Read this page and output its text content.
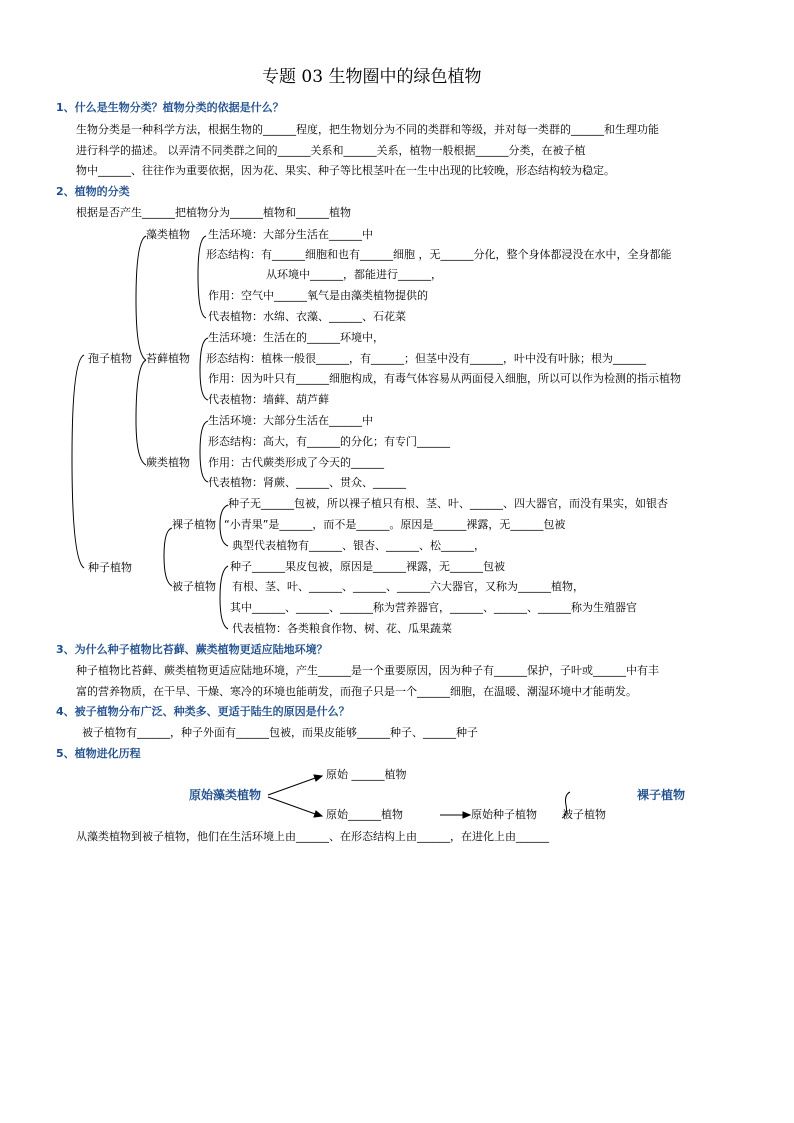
专题 03 生物圈中的绿色植物
1、什么是生物分类？植物分类的依据是什么？
生物分类是一种科学方法，根据生物的______程度，把生物划分为不同的类群和等级，并对每一类群的______和生理功能
进行科学的描述。 以弄清不同类群之间的______关系和______关系，植物一般根据______分类，在被子植
物中______、往往作为重要依据，因为花、果实、种子等比根茎叶在一生中出现的比较晚，形态结构较为稳定。
2、植物的分类
根据是否产生______把植物分为______植物和______植物
孢子植物
种子植物
藻类植物 生活环境：大部分生活在______中
形态结构：有______细胞和也有______细胞 ，无______分化，整个身体都浸没在水中，全身都能
从环境中______，都能进行______，
作用：空气中______氧气是由藻类植物提供的
代表植物：水绵、衣藻、______、石花菜
苔藓植物
生活环境：生活在的______环境中，
形态结构：植株一般很______，有______；但茎中没有______，叶中没有叶脉；根为______
作用：因为叶只有______细胞构成，有毒气体容易从两面侵入细胞，所以可以作为检测的指示植物
代表植物：墙藓、葫芦藓
蕨类植物
生活环境：大部分生活在______中
形态结构：高大，有______的分化；有专门______
作用：古代蕨类形成了今天的______
代表植物：肾蕨、______、贯众、______
裸子植物
种子无______包被，所以裸子植只有根、茎、叶、______、四大器官，而没有果实，如银杏
“小青果”是______，而不是______。原因是______裸露，无______包被
典型代表植物有______、银杏、______、松______，
被子植物
种子______果皮包被，原因是______裸露，无______包被
有根、茎、叶、______、______、______六大器官，又称为______植物，
其中______、______、______称为营养器官，______、______、______称为生殖器官
代表植物：各类粮食作物、树、花、瓜果蔬菜
3、为什么种子植物比苔藓、蕨类植物更适应陆地环境？
种子植物比苔藓、蕨类植物更适应陆地环境，产生______是一个重要原因，因为种子有______保护，子叶或______中有丰
富的营养物质，在干旱、干燥、寒冷的环境也能萌发，而孢子只是一个______细胞，在温暖、潮湿环境中才能萌发。
4、被子植物分布广泛、种类多、更适于陆生的原因是什么？
被子植物有______，种子外面有______包被，而果皮能够______种子、______种子
5、植物进化历程
原始藻类植物
原始 ______植物
原始______植物	原始种子植物
裸子植物
被子植物
从藻类植物到被子植物，他们在生活环境上由______、在形态结构上由______，在进化上由______
